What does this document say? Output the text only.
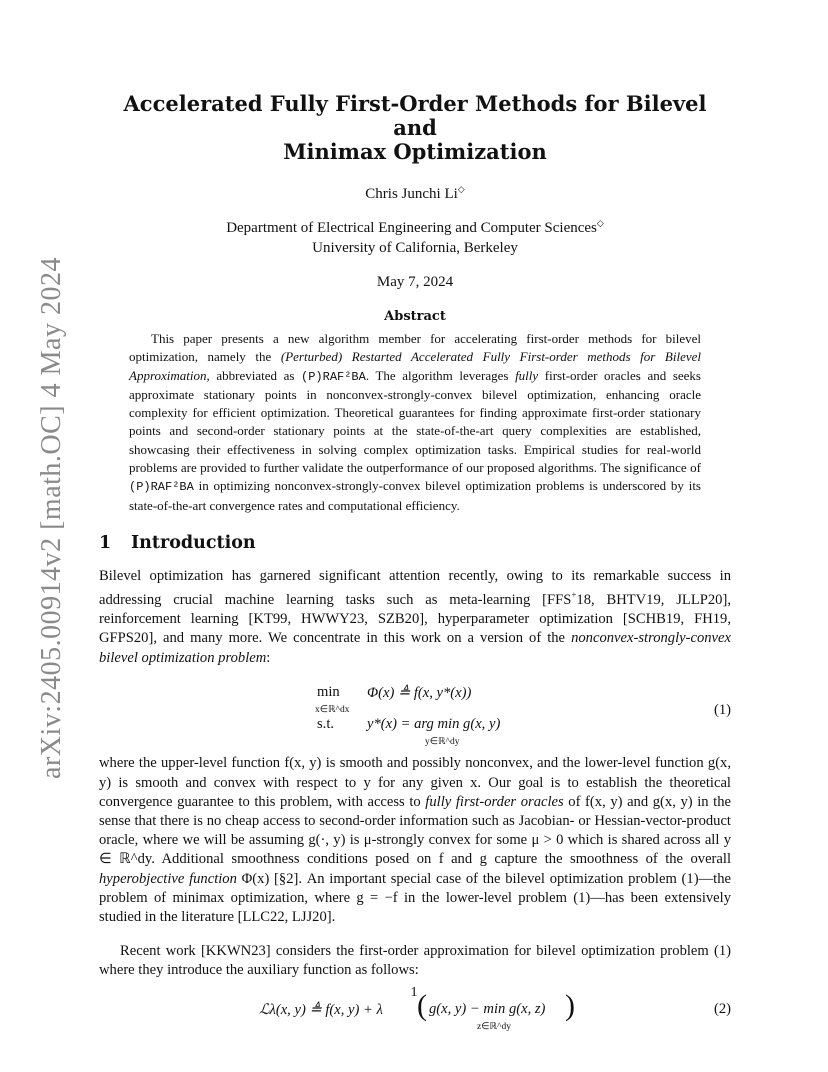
arXiv:2405.00914v2 [math.OC] 4 May 2024
Accelerated Fully First-Order Methods for Bilevel and
Minimax Optimization
Chris Junchi Li◇
Department of Electrical Engineering and Computer Sciences◇
University of California, Berkeley
May 7, 2024
Abstract

This paper presents a new algorithm member for accelerating first-order methods for bilevel optimization, namely the (Perturbed) Restarted Accelerated Fully First-order methods for Bilevel Approximation, abbreviated as (P)RAF²BA. The algorithm leverages fully first-order oracles and seeks approximate stationary points in nonconvex-strongly-convex bilevel optimization, enhancing oracle complexity for efficient optimization. Theoretical guarantees for finding approximate first-order stationary points and second-order stationary points at the state-of-the-art query complexities are established, showcasing their effectiveness in solving complex optimization tasks. Empirical studies for real-world problems are provided to further validate the outperformance of our proposed algorithms. The significance of (P)RAF²BA in optimizing nonconvex-strongly-convex bilevel optimization problems is underscored by its state-of-the-art convergence rates and computational efficiency.

1	Introduction

Bilevel optimization has garnered significant attention recently, owing to its remarkable success in addressing crucial machine learning tasks such as meta-learning [FFS+18, BHTV19, JLLP20], reinforcement learning [KT99, HWWY23, SZB20], hyperparameter optimization [SCHB19, FH19, GFPS20], and many more. We concentrate in this work on a version of the nonconvex-strongly-convex bilevel optimization problem:

min
x∈ℝ^dx
Φ(x) ≜ f(x, y*(x))
s.t. y*(x) = arg min g(x, y)
y∈ℝ^dy
(1)

where the upper-level function f(x, y) is smooth and possibly nonconvex, and the lower-level function g(x, y) is smooth and convex with respect to y for any given x. Our goal is to establish the theoretical convergence guarantee to this problem, with access to fully first-order oracles of f(x, y) and g(x, y) in the sense that there is no cheap access to second-order information such as Jacobian- or Hessian-vector-product oracle, where we will be assuming g(·, y) is μ-strongly convex for some μ > 0 which is shared across all y ∈ ℝ^dy. Additional smoothness conditions posed on f and g capture the smoothness of the overall hyperobjective function Φ(x) [§2]. An important special case of the bilevel optimization problem (1)—the problem of minimax optimization, where g = −f in the lower-level problem (1)—has been extensively studied in the literature [LLC22, LJJ20].

Recent work [KKWN23] considers the first-order approximation for bilevel optimization problem (1) where they introduce the auxiliary function as follows:

ℒλ(x, y) ≜ f(x, y) + λ ( g(x, y) − min g(x, z)
z∈ℝ^dy
)	(2)
1
